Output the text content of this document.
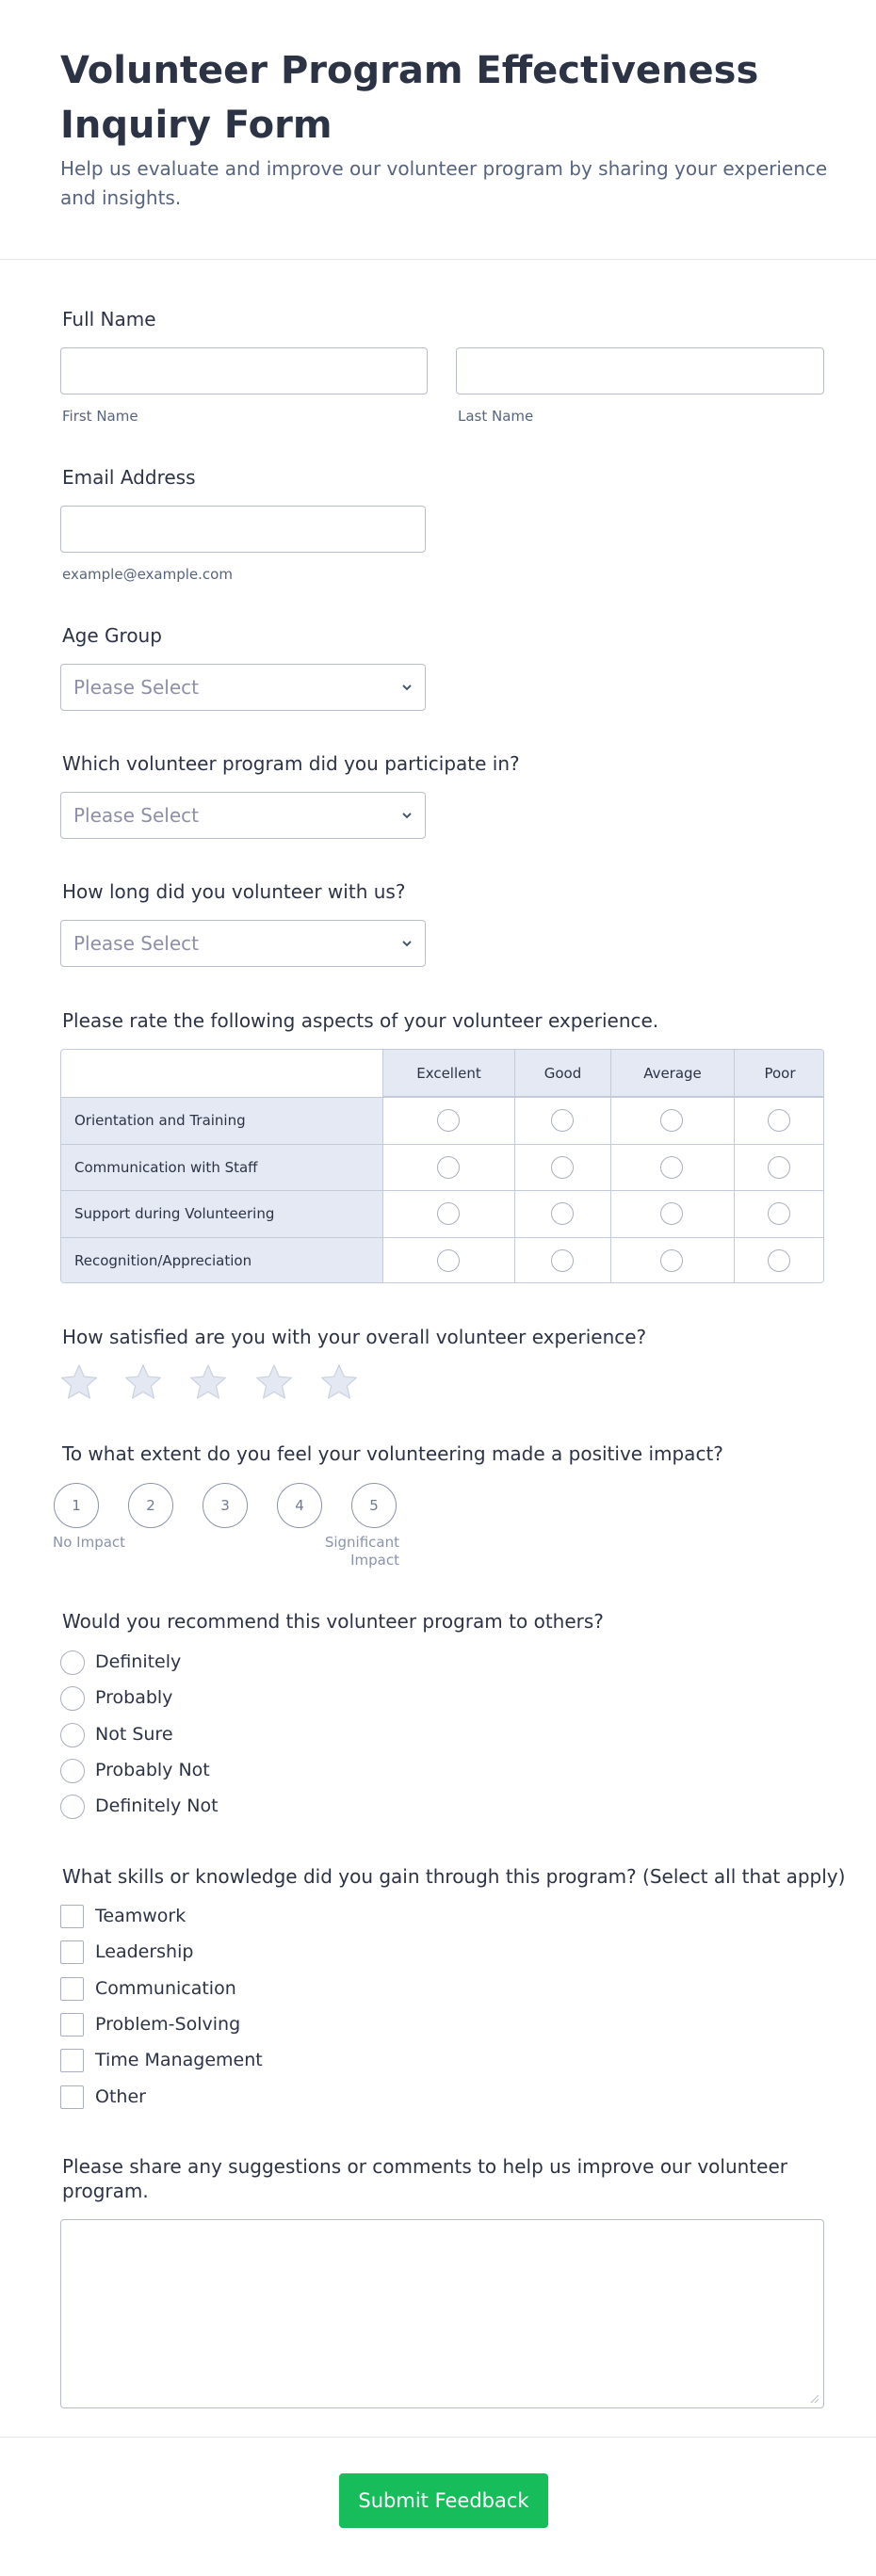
Volunteer Program Effectiveness Inquiry Form

Help us evaluate and improve our volunteer program by sharing your experience and insights.

Full Name
First Name	Last Name
Email Address
example@example.com
Age Group
Please Select
Which volunteer program did you participate in?
Please Select
How long did you volunteer with us?
Please Select
Please rate the following aspects of your volunteer experience.
Excellent	Good	Average	Poor
Orientation and Training
Communication with Staff
Support during Volunteering
Recognition/Appreciation
How satisfied are you with your overall volunteer experience?
To what extent do you feel your volunteering made a positive impact?
1	2	3	4	5
No Impact	Significant Impact
Would you recommend this volunteer program to others?
Definitely
Probably
Not Sure
Probably Not
Definitely Not
What skills or knowledge did you gain through this program? (Select all that apply)
Teamwork
Leadership
Communication
Problem-Solving
Time Management
Other
Please share any suggestions or comments to help us improve our volunteer program.
Submit Feedback
